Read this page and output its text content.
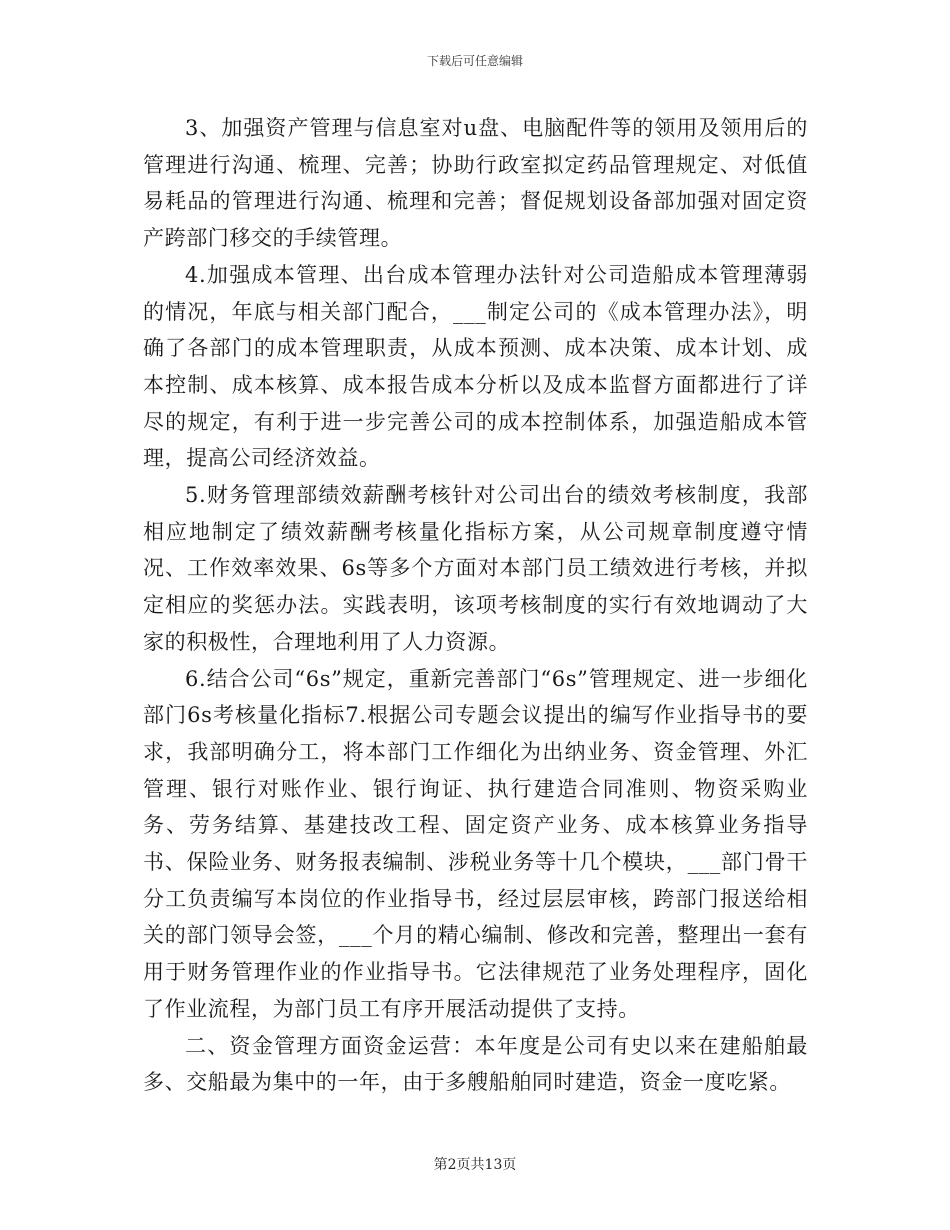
下载后可任意编辑

3、加强资产管理与信息室对u盘、电脑配件等的领用及领用后的管理进行沟通、梳理、完善；协助行政室拟定药品管理规定、对低值易耗品的管理进行沟通、梳理和完善；督促规划设备部加强对固定资产跨部门移交的手续管理。

4.加强成本管理、出台成本管理办法针对公司造船成本管理薄弱的情况，年底与相关部门配合，___制定公司的《成本管理办法》，明确了各部门的成本管理职责，从成本预测、成本决策、成本计划、成本控制、成本核算、成本报告成本分析以及成本监督方面都进行了详尽的规定，有利于进一步完善公司的成本控制体系，加强造船成本管理，提高公司经济效益。

5.财务管理部绩效薪酬考核针对公司出台的绩效考核制度，我部相应地制定了绩效薪酬考核量化指标方案，从公司规章制度遵守情况、工作效率效果、6s等多个方面对本部门员工绩效进行考核，并拟定相应的奖惩办法。实践表明，该项考核制度的实行有效地调动了大家的积极性，合理地利用了人力资源。

6.结合公司“6s”规定，重新完善部门“6s”管理规定、进一步细化部门6s考核量化指标7.根据公司专题会议提出的编写作业指导书的要求，我部明确分工，将本部门工作细化为出纳业务、资金管理、外汇管理、银行对账作业、银行询证、执行建造合同准则、物资采购业务、劳务结算、基建技改工程、固定资产业务、成本核算业务指导书、保险业务、财务报表编制、涉税业务等十几个模块，___部门骨干分工负责编写本岗位的作业指导书，经过层层审核，跨部门报送给相关的部门领导会签，___个月的精心编制、修改和完善，整理出一套有用于财务管理作业的作业指导书。它法律规范了业务处理程序，固化了作业流程，为部门员工有序开展活动提供了支持。

二、资金管理方面资金运营：本年度是公司有史以来在建船舶最多、交船最为集中的一年，由于多艘船舶同时建造，资金一度吃紧。

第2页共13页
